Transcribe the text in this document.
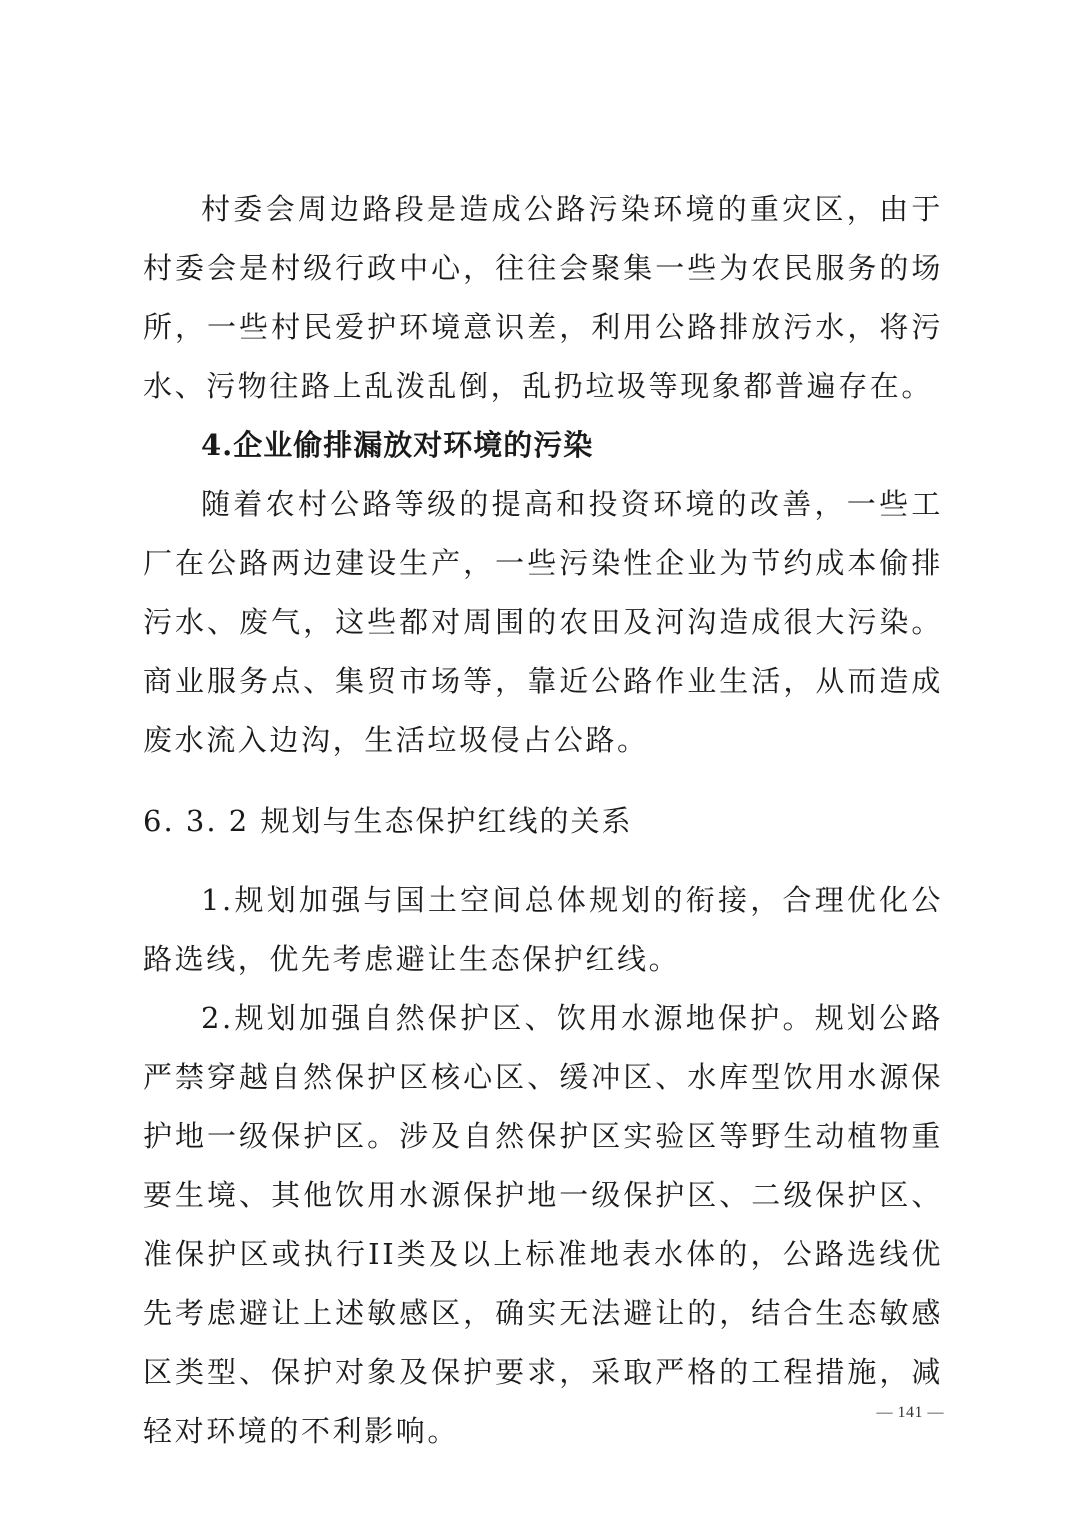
村委会周边路段是造成公路污染环境的重灾区，由于村委会是村级行政中心，往往会聚集一些为农民服务的场所，一些村民爱护环境意识差，利用公路排放污水，将污水、污物往路上乱泼乱倒，乱扔垃圾等现象都普遍存在。

4.企业偷排漏放对环境的污染

随着农村公路等级的提高和投资环境的改善，一些工厂在公路两边建设生产，一些污染性企业为节约成本偷排污水、废气，这些都对周围的农田及河沟造成很大污染。商业服务点、集贸市场等，靠近公路作业生活，从而造成废水流入边沟，生活垃圾侵占公路。

6. 3. 2 规划与生态保护红线的关系

1.规划加强与国土空间总体规划的衔接，合理优化公路选线，优先考虑避让生态保护红线。

2.规划加强自然保护区、饮用水源地保护。规划公路严禁穿越自然保护区核心区、缓冲区、水库型饮用水源保护地一级保护区。涉及自然保护区实验区等野生动植物重要生境、其他饮用水源保护地一级保护区、二级保护区、准保护区或执行II类及以上标准地表水体的，公路选线优先考虑避让上述敏感区，确实无法避让的，结合生态敏感区类型、保护对象及保护要求，采取严格的工程措施，减轻对环境的不利影响。

— 141 —
